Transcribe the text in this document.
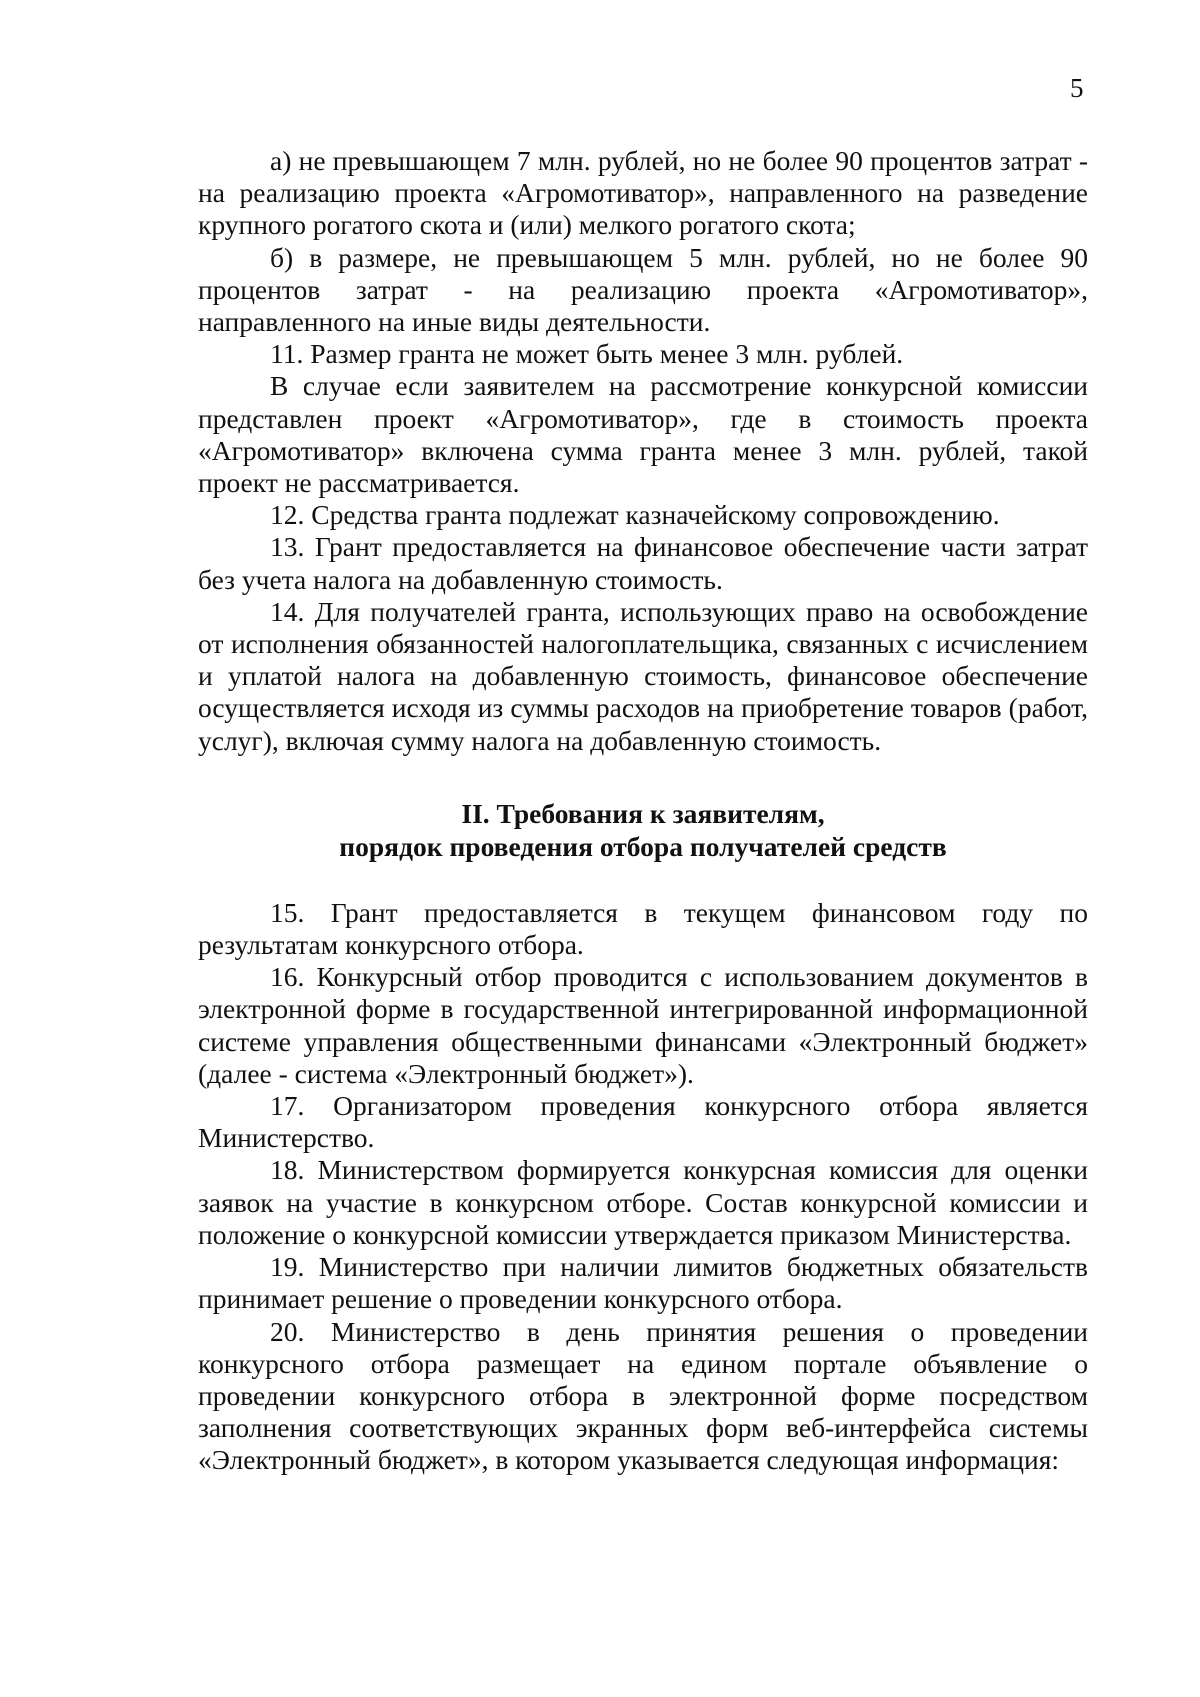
5

а) не превышающем 7 млн. рублей, но не более 90 процентов затрат - на реализацию проекта «Агромотиватор», направленного на разведение крупного рогатого скота и (или) мелкого рогатого скота;

б) в размере, не превышающем 5 млн. рублей, но не более 90 процентов затрат - на реализацию проекта «Агромотиватор», направленного на иные виды деятельности.

11. Размер гранта не может быть менее 3 млн. рублей.

В случае если заявителем на рассмотрение конкурсной комиссии представлен проект «Агромотиватор», где в стоимость проекта «Агромотиватор» включена сумма гранта менее 3 млн. рублей, такой проект не рассматривается.

12. Средства гранта подлежат казначейскому сопровождению.

13. Грант предоставляется на финансовое обеспечение части затрат без учета налога на добавленную стоимость.

14. Для получателей гранта, использующих право на освобождение от исполнения обязанностей налогоплательщика, связанных с исчислением и уплатой налога на добавленную стоимость, финансовое обеспечение осуществляется исходя из суммы расходов на приобретение товаров (работ, услуг), включая сумму налога на добавленную стоимость.

II. Требования к заявителям,
порядок проведения отбора получателей средств

15. Грант предоставляется в текущем финансовом году по результатам конкурсного отбора.

16. Конкурсный отбор проводится с использованием документов в электронной форме в государственной интегрированной информационной системе управления общественными финансами «Электронный бюджет» (далее - система «Электронный бюджет»).

17. Организатором проведения конкурсного отбора является Министерство.

18. Министерством формируется конкурсная комиссия для оценки заявок на участие в конкурсном отборе. Состав конкурсной комиссии и положение о конкурсной комиссии утверждается приказом Министерства.

19. Министерство при наличии лимитов бюджетных обязательств принимает решение о проведении конкурсного отбора.

20. Министерство в день принятия решения о проведении конкурсного отбора размещает на едином портале объявление о проведении конкурсного отбора в электронной форме посредством заполнения соответствующих экранных форм веб-интерфейса системы «Электронный бюджет», в котором указывается следующая информация:
